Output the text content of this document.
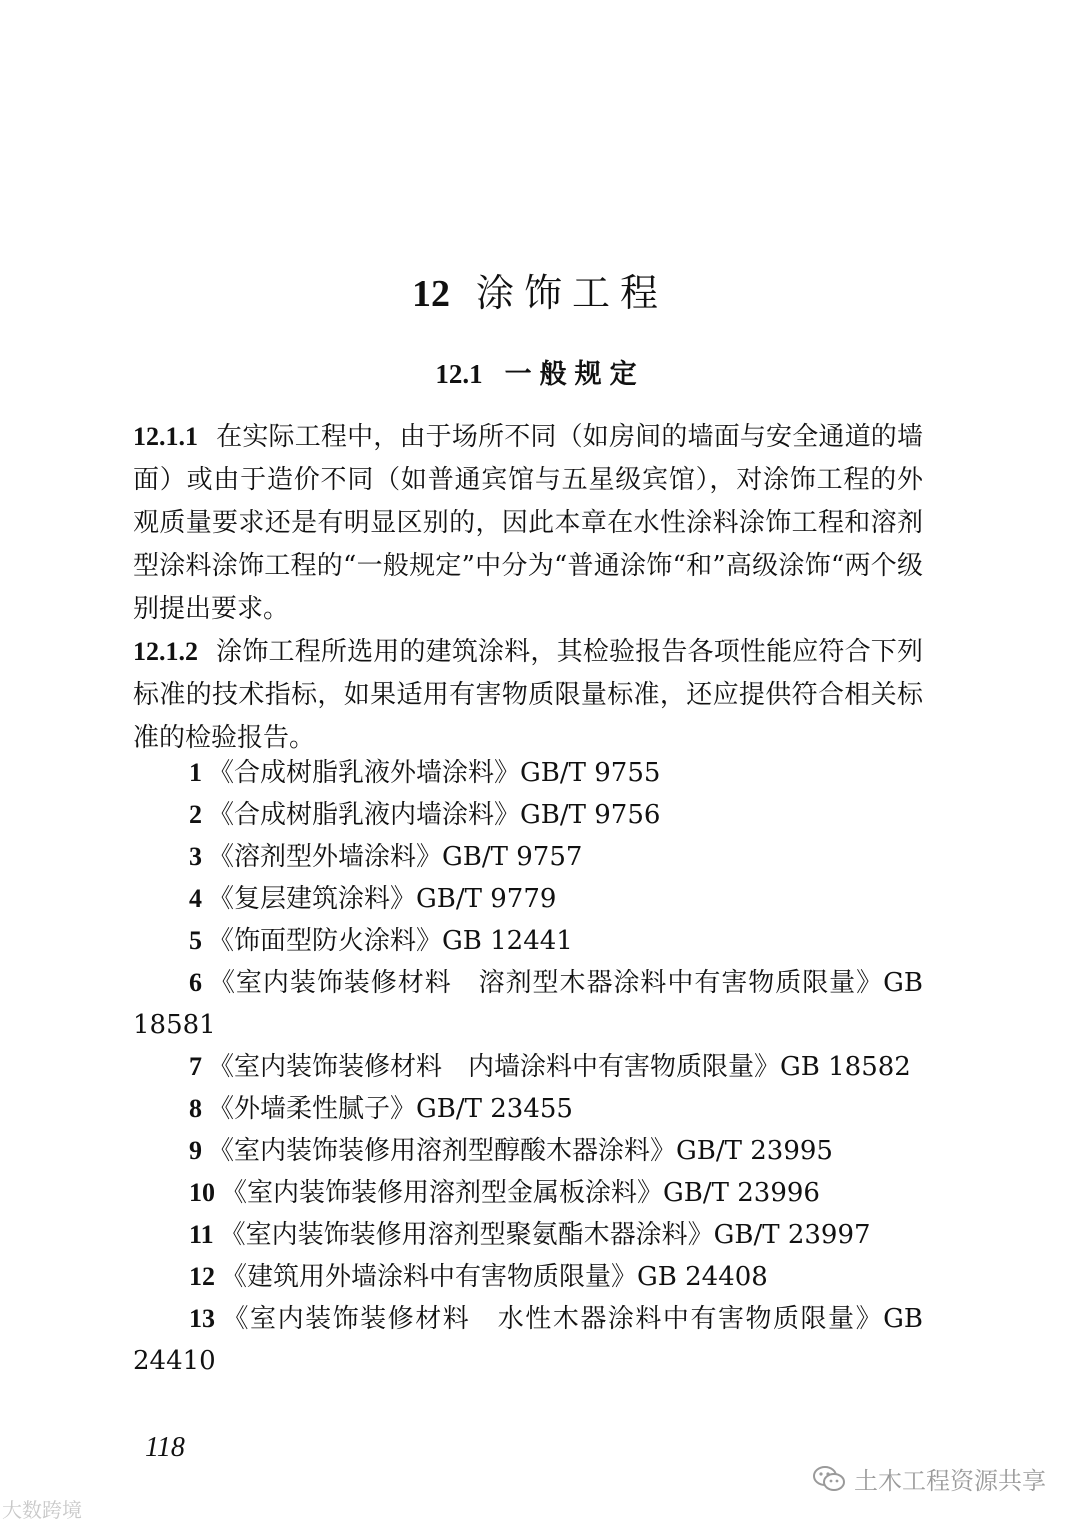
12 涂饰工程
12.1 一般规定
12.1.1 在实际工程中，由于场所不同（如房间的墙面与安全通道的墙面）或由于造价不同（如普通宾馆与五星级宾馆），对涂饰工程的外观质量要求还是有明显区别的，因此本章在水性涂料涂饰工程和溶剂型涂料涂饰工程的“一般规定”中分为“普通涂饰“和”高级涂饰“两个级别提出要求。
12.1.2 涂饰工程所选用的建筑涂料，其检验报告各项性能应符合下列标准的技术指标，如果适用有害物质限量标准，还应提供符合相关标准的检验报告。
1 《合成树脂乳液外墙涂料》GB/T 9755
2 《合成树脂乳液内墙涂料》GB/T 9756
3 《溶剂型外墙涂料》GB/T 9757
4 《复层建筑涂料》GB/T 9779
5 《饰面型防火涂料》GB 12441
6 《室内装饰装修材料　溶剂型木器涂料中有害物质限量》GB 18581
7 《室内装饰装修材料　内墙涂料中有害物质限量》GB 18582
8 《外墙柔性腻子》GB/T 23455
9 《室内装饰装修用溶剂型醇酸木器涂料》GB/T 23995
10 《室内装饰装修用溶剂型金属板涂料》GB/T 23996
11 《室内装饰装修用溶剂型聚氨酯木器涂料》GB/T 23997
12 《建筑用外墙涂料中有害物质限量》GB 24408
13 《室内装饰装修材料　水性木器涂料中有害物质限量》GB 24410
118
大数跨境
土木工程资源共享
